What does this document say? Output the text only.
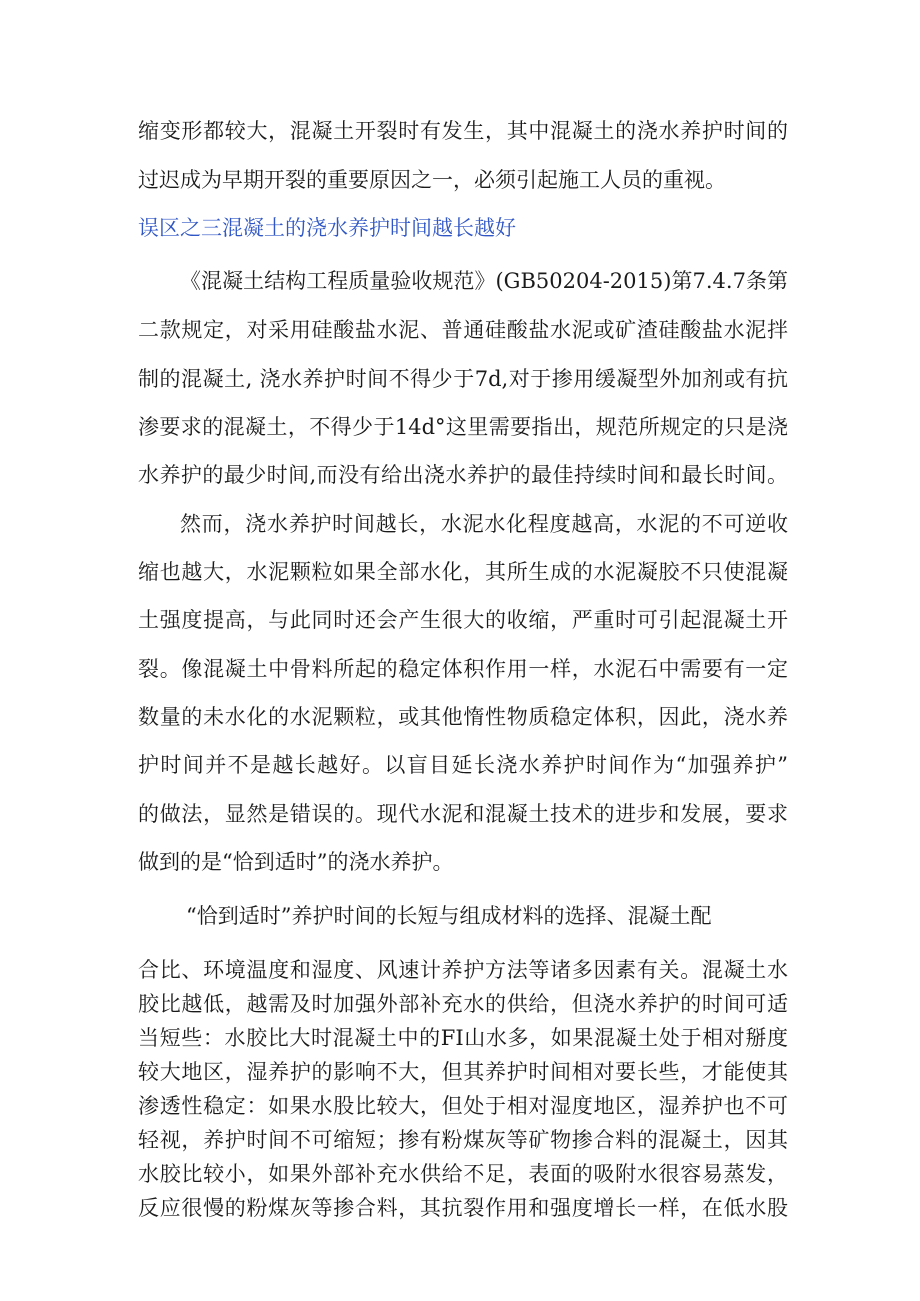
缩变形都较大，混凝土开裂时有发生，其中混凝土的浇水养护时间的
过迟成为早期开裂的重要原因之一，必须引起施工人员的重视。
误区之三混凝土的浇水养护时间越长越好
《混凝土结构工程质量验收规范》(GB50204-2015)第7.4.7条第
二款规定，对采用硅酸盐水泥、普通硅酸盐水泥或矿渣硅酸盐水泥拌
制的混凝土, 浇水养护时间不得少于7d,对于掺用缓凝型外加剂或有抗
渗要求的混凝土，不得少于14d°这里需要指出，规范所规定的只是浇
水养护的最少时间,而没有给出浇水养护的最佳持续时间和最长时间。
然而，浇水养护时间越长，水泥水化程度越高，水泥的不可逆收
缩也越大，水泥颗粒如果全部水化，其所生成的水泥凝胶不只使混凝
土强度提高，与此同时还会产生很大的收缩，严重时可引起混凝土开
裂。像混凝土中骨料所起的稳定体积作用一样，水泥石中需要有一定
数量的未水化的水泥颗粒，或其他惰性物质稳定体积，因此，浇水养
护时间并不是越长越好。以盲目延长浇水养护时间作为“加强养护”
的做法，显然是错误的。现代水泥和混凝土技术的进步和发展，要求
做到的是“恰到适时”的浇水养护。
“恰到适时”养护时间的长短与组成材料的选择、混凝土配
合比、环境温度和湿度、风速计养护方法等诸多因素有关。混凝土水
胶比越低，越需及时加强外部补充水的供给，但浇水养护的时间可适
当短些：水胶比大时混凝土中的FI山水多，如果混凝土处于相对掰度
较大地区，湿养护的影响不大，但其养护时间相对要长些，才能使其
渗透性稳定：如果水股比较大，但处于相对湿度地区，湿养护也不可
轻视，养护时间不可缩短；掺有粉煤灰等矿物掺合料的混凝土，因其
水胶比较小，如果外部补充水供给不足，表面的吸附水很容易蒸发，
反应很慢的粉煤灰等掺合料，其抗裂作用和强度增长一样，在低水股
